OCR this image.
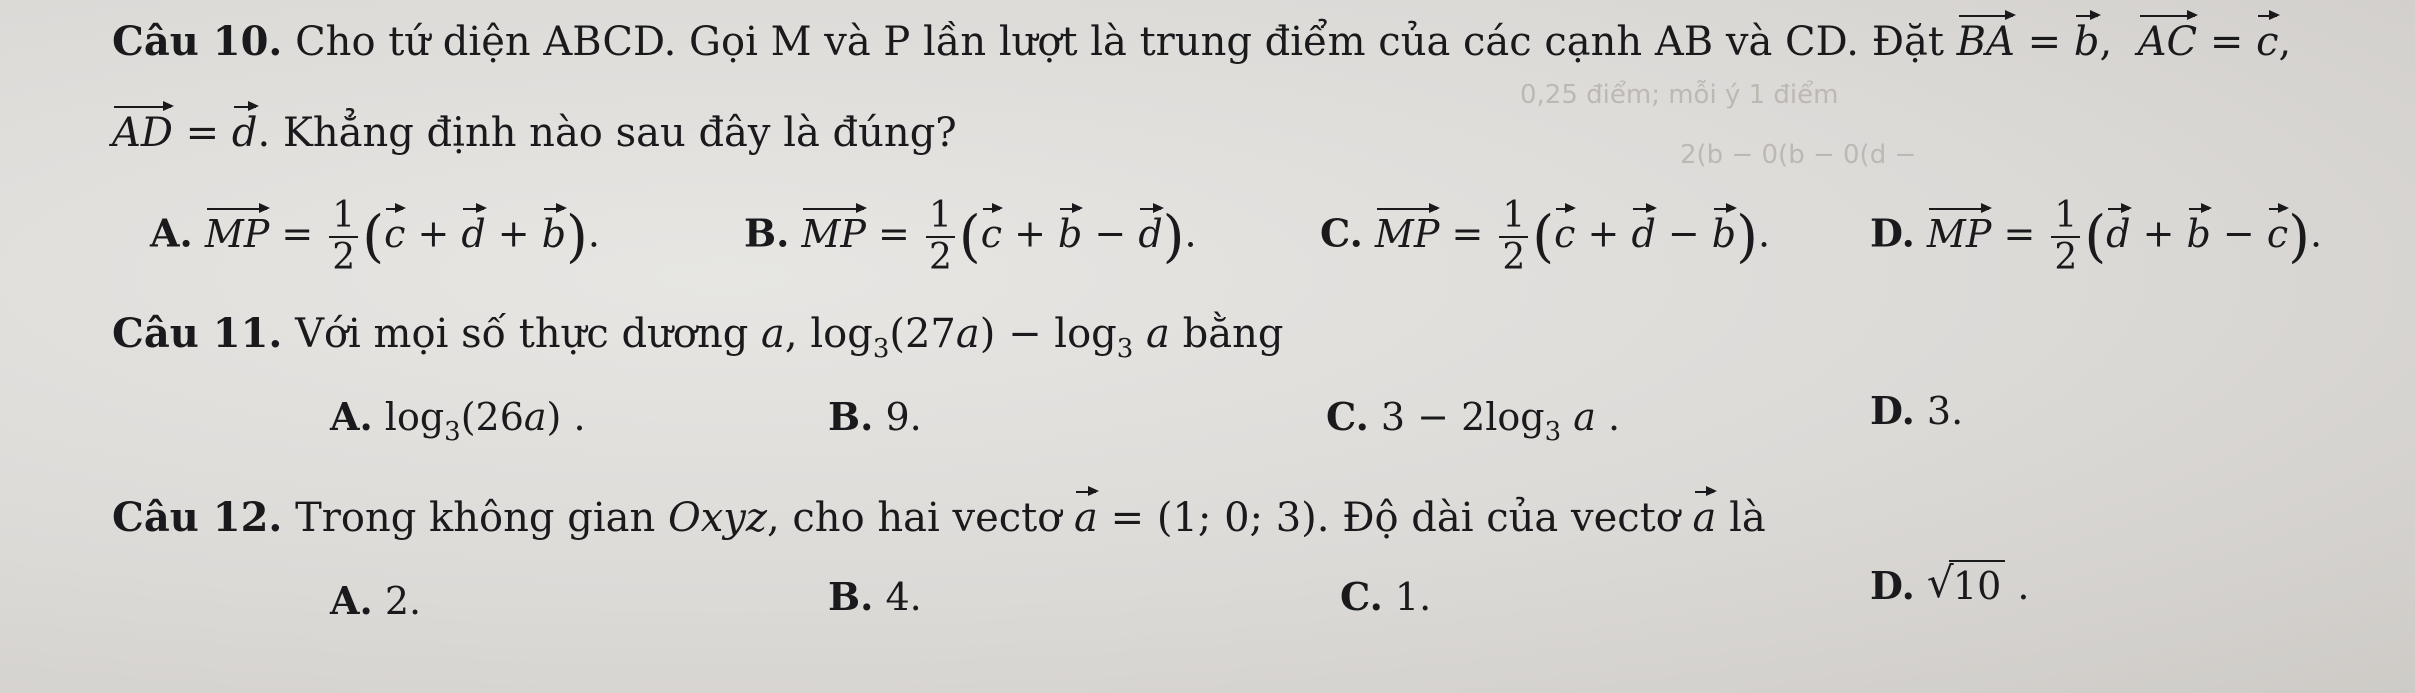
0,25 điểm; mỗi ý 1 điểm
2(b − 0(b − 0(d −
Câu 10. Cho tứ diện ABCD. Gọi M và P lần lượt là trung điểm của các cạnh AB và CD. Đặt BA = b,  AC = c,
AD = d. Khẳng định nào sau đây là đúng?
A. MP = $\frac{1}{2} (c + d + b)$.	B. MP = $\frac{1}{2} (c + b - d)$.	C. MP = $\frac{1}{2} (c + d - b)$.	D. MP = $\frac{1}{2} (d + b - c)$.
Câu 11. Với mọi số thực dương a, $\log_3(27a) - \log_3 a$ bằng
A. $\log_3(26a)$ .	B. 9.	C. $3 - 2\log_3$ a .	D. 3.
Câu 12. Trong không gian Oxyz, cho hai vectơ a = (1; 0; 3). Độ dài của vectơ a là
A. 2.	B. 4.	C. 1.	D. √ 10 .
